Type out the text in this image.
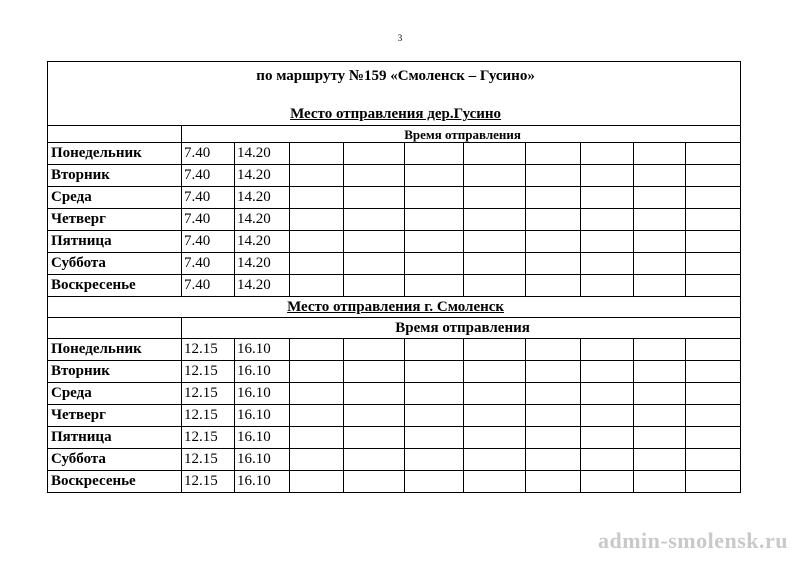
3
по маршруту №159 «Смоленск – Гусино»
Место отправления дер.Гусино										

	Время отправления									
Понедельник	7.40	14.20								
Вторник	7.40	14.20								
Среда	7.40	14.20								
Четверг	7.40	14.20								
Пятница	7.40	14.20								
Суббота	7.40	14.20								
Воскресенье	7.40	14.20								
Место отправления г. Смоленск										
	Время отправления									
Понедельник	12.15	16.10								
Вторник	12.15	16.10								
Среда	12.15	16.10								
Четверг	12.15	16.10								
Пятница	12.15	16.10								
Суббота	12.15	16.10								
Воскресенье	12.15	16.10								
admin-smolensk.ru
